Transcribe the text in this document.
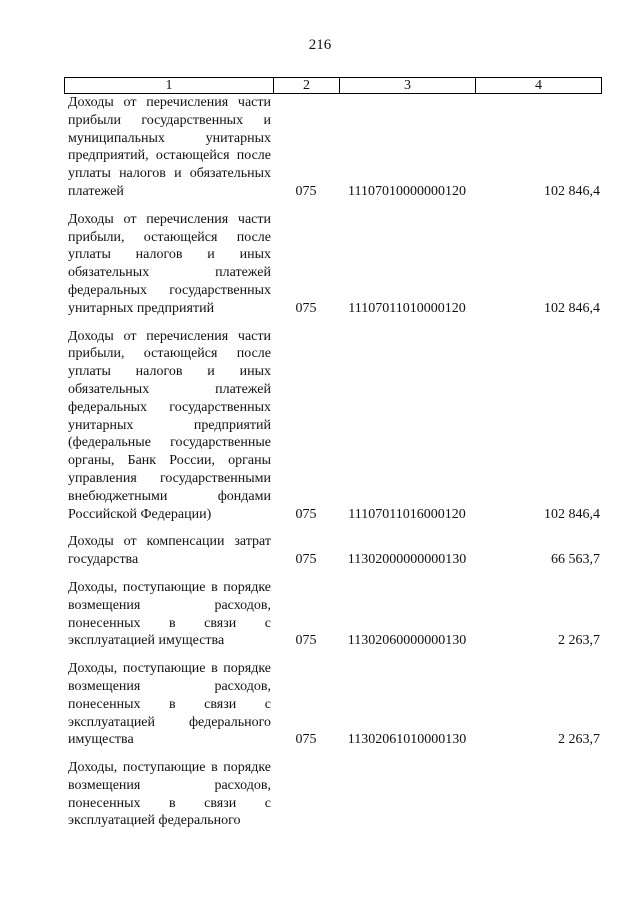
216
1	2	3	4
Доходы от перечисления части прибыли государственных и муниципальных унитарных предприятий, остающейся после уплаты налогов и обязательных платежей	075	11107010000000120	102 846,4
Доходы от перечисления части прибыли, остающейся после уплаты налогов и иных обязательных платежей федеральных государственных унитарных предприятий	075	11107011010000120	102 846,4
Доходы от перечисления части прибыли, остающейся после уплаты налогов и иных обязательных платежей федеральных государственных унитарных предприятий (федеральные государственные органы, Банк России, органы управления государственными внебюджетными фондами Российской Федерации)	075	11107011016000120	102 846,4
Доходы от компенсации затрат государства	075	11302000000000130	66 563,7
Доходы, поступающие в порядке возмещения расходов, понесенных в связи с эксплуатацией имущества	075	11302060000000130	2 263,7
Доходы, поступающие в порядке возмещения расходов, понесенных в связи с эксплуатацией федерального имущества	075	11302061010000130	2 263,7
Доходы, поступающие в порядке возмещения расходов, понесенных в связи с эксплуатацией федерального
